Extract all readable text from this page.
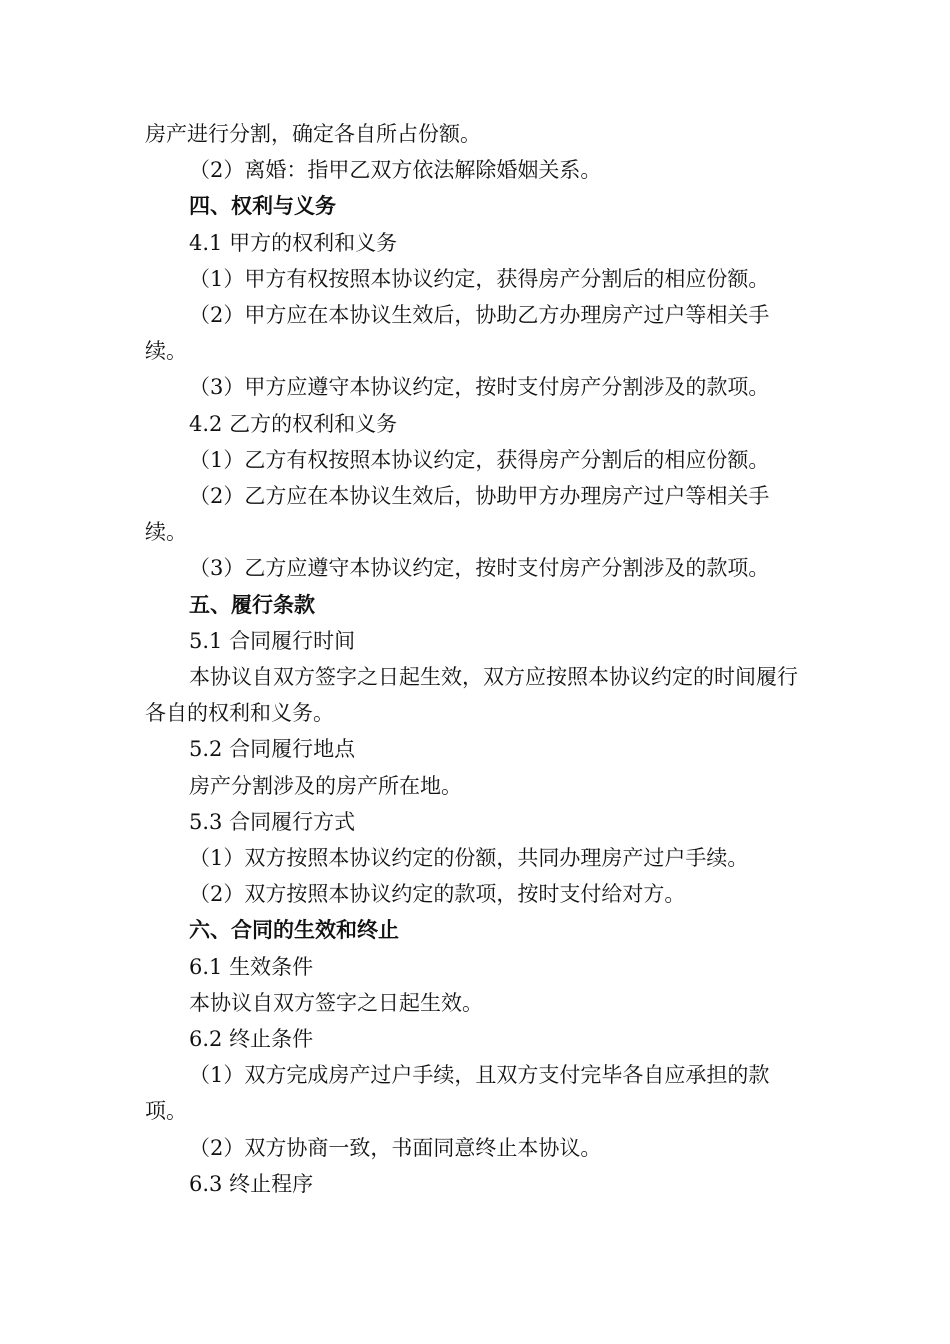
房产进行分割，确定各自所占份额。

（2）离婚：指甲乙双方依法解除婚姻关系。

四、权利与义务

4.1 甲方的权利和义务

（1）甲方有权按照本协议约定，获得房产分割后的相应份额。

（2）甲方应在本协议生效后，协助乙方办理房产过户等相关手续。

（3）甲方应遵守本协议约定，按时支付房产分割涉及的款项。

4.2 乙方的权利和义务

（1）乙方有权按照本协议约定，获得房产分割后的相应份额。

（2）乙方应在本协议生效后，协助甲方办理房产过户等相关手续。

（3）乙方应遵守本协议约定，按时支付房产分割涉及的款项。

五、履行条款

5.1 合同履行时间

本协议自双方签字之日起生效，双方应按照本协议约定的时间履行各自的权利和义务。

5.2 合同履行地点

房产分割涉及的房产所在地。

5.3 合同履行方式

（1）双方按照本协议约定的份额，共同办理房产过户手续。

（2）双方按照本协议约定的款项，按时支付给对方。

六、合同的生效和终止

6.1 生效条件

本协议自双方签字之日起生效。

6.2 终止条件

（1）双方完成房产过户手续，且双方支付完毕各自应承担的款项。

（2）双方协商一致，书面同意终止本协议。

6.3 终止程序
